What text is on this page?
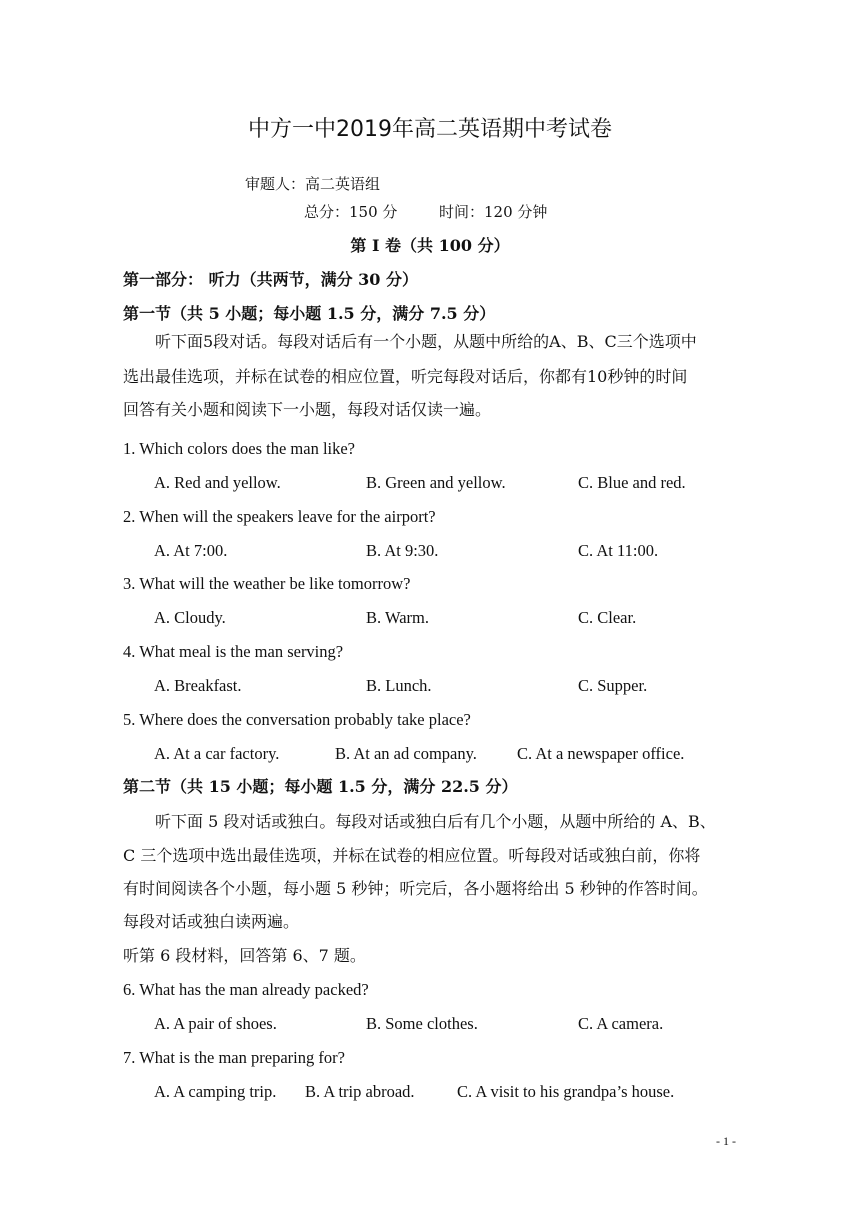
中方一中2019年高二英语期中考试卷
审题人：高二英语组
总分：150 分	时间：120 分钟
第 I 卷（共 100 分）
第一部分： 听力（共两节，满分 30 分）
第一节（共 5 小题；每小题 1.5 分，满分 7.5 分）
听下面5段对话。每段对话后有一个小题，从题中所给的A、B、C三个选项中
选出最佳选项，并标在试卷的相应位置，听完每段对话后，你都有10秒钟的时间
回答有关小题和阅读下一小题，每段对话仅读一遍。
1. Which colors does the man like?
A. Red and yellow.	B. Green and yellow.	C. Blue and red.
2. When will the speakers leave for the airport?
A. At 7:00.	B. At 9:30.	C. At 11:00.
3. What will the weather be like tomorrow?
A. Cloudy.	B. Warm.	C. Clear.
4. What meal is the man serving?
A. Breakfast.	B. Lunch.	C. Supper.
5. Where does the conversation probably take place?
A. At a car factory.	B. At an ad company. C. At a newspaper office.
第二节（共 15 小题；每小题 1.5 分，满分 22.5 分）
听下面 5 段对话或独白。每段对话或独白后有几个小题，从题中所给的 A、B、
C 三个选项中选出最佳选项，并标在试卷的相应位置。听每段对话或独白前，你将
有时间阅读各个小题，每小题 5 秒钟；听完后，各小题将给出 5 秒钟的作答时间。
每段对话或独白读两遍。
听第 6 段材料，回答第 6、7 题。
6. What has the man already packed?
A. A pair of shoes.	B. Some clothes.	C. A camera.
7. What is the man preparing for?
A. A camping trip. B. A trip abroad.	C. A visit to his grandpa’s house.
- 1 -
